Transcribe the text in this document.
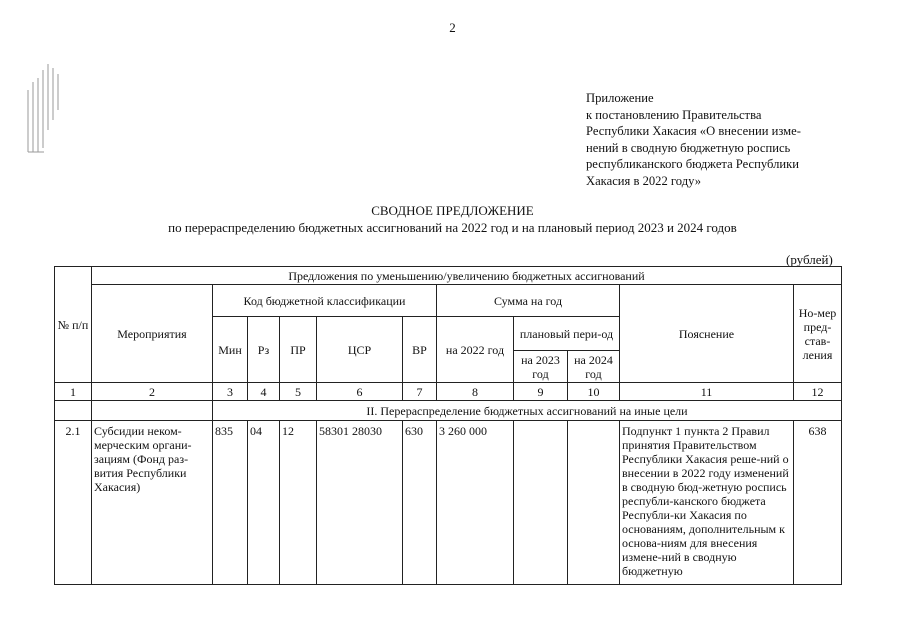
2
Приложение
к постановлению Правительства
Республики Хакасия «О внесении изме-
нений в сводную бюджетную роспись
республиканского бюджета Республики
Хакасия в 2022 году»
СВОДНОЕ ПРЕДЛОЖЕНИЕ
по перераспределению бюджетных ассигнований на 2022 год и на плановый период 2023 и 2024 годов
(рублей)
№ п/п	Предложения по уменьшению/увеличению бюджетных ассигнований										
	Мероприятия	Код бюджетной классификации					Сумма на год			Пояснение	Но-мер пред-став-ления
		Мин	Рз	ПР	ЦСР	ВР	на 2022 год	плановый пери-од			
								на 2023 год	на 2024 год		
1	2	3	4	5	6	7	8	9	10	11	12
		II. Перераспределение бюджетных ассигнований на иные цели									
2.1	Субсидии неком-мерческим органи-зациям (Фонд раз-вития Республики Хакасия)	835	04	12	58301 28030	630	3 260 000			Подпункт 1 пункта 2 Правил принятия Правительством Республики Хакасия реше-ний о внесении в 2022 году изменений в сводную бюд-жетную роспись республи-канского бюджета Республи-ки Хакасия по основаниям, дополнительным к основа-ниям для внесения измене-ний в сводную бюджетную	638
